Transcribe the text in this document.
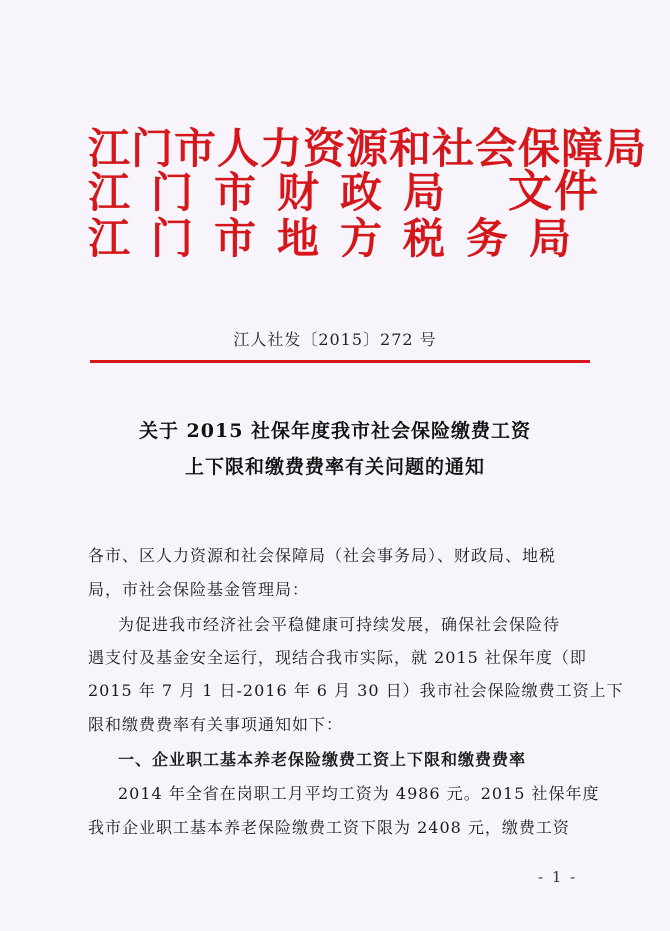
江门市人力资源和社会保障局
江 门 市 财 政 局
江 门 市 地 方 税 务 局
文件
江人社发〔2015〕272 号
关于 2015 社保年度我市社会保险缴费工资
上下限和缴费费率有关问题的通知
各市、区人力资源和社会保障局（社会事务局）、财政局、地税
局，市社会保险基金管理局：
为促进我市经济社会平稳健康可持续发展，确保社会保险待
遇支付及基金安全运行，现结合我市实际，就 2015 社保年度（即
2015 年 7 月 1 日-2016 年 6 月 30 日）我市社会保险缴费工资上下
限和缴费费率有关事项通知如下：
一、企业职工基本养老保险缴费工资上下限和缴费费率
2014 年全省在岗职工月平均工资为 4986 元。2015 社保年度
我市企业职工基本养老保险缴费工资下限为 2408 元，缴费工资
- 1 -
